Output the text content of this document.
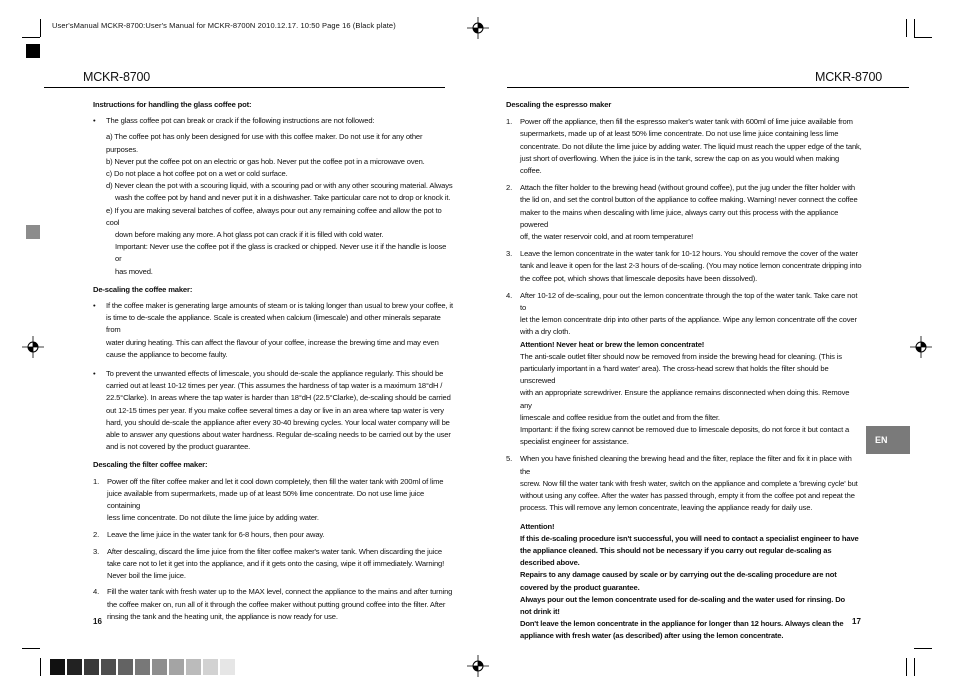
User'sManual MCKR-8700:User's Manual for MCKR-8700N 2010.12.17. 10:50 Page 16 (Black plate)
MCKR-8700	MCKR-8700

Instructions for handling the glass coffee pot:

• The glass coffee pot can break or crack if the following instructions are not followed:

a) The coffee pot has only been designed for use with this coffee maker. Do not use it for any other purposes.

b) Never put the coffee pot on an electric or gas hob. Never put the coffee pot in a microwave oven.

c) Do not place a hot coffee pot on a wet or cold surface.

d) Never clean the pot with a scouring liquid, with a scouring pad or with any other scouring material. Always

wash the coffee pot by hand and never put it in a dishwasher. Take particular care not to drop or knock it.

e) If you are making several batches of coffee, always pour out any remaining coffee and allow the pot to cool

down before making any more. A hot glass pot can crack if it is filled with cold water.

Important: Never use the coffee pot if the glass is cracked or chipped. Never use it if the handle is loose or

has moved.

De-scaling the coffee maker:

• If the coffee maker is generating large amounts of steam or is taking longer than usual to brew your coffee, it

is time to de-scale the appliance. Scale is created when calcium (limescale) and other minerals separate from

water during heating. This can affect the flavour of your coffee, increase the brewing time and may even

cause the appliance to become faulty.

• To prevent the unwanted effects of limescale, you should de-scale the appliance regularly. This should be

carried out at least 10-12 times per year. (This assumes the hardness of tap water is a maximum 18°dH /

22.5°Clarke). In areas where the tap water is harder than 18°dH (22.5°Clarke), de-scaling should be carried

out 12-15 times per year. If you make coffee several times a day or live in an area where tap water is very

hard, you should de-scale the appliance after every 30-40 brewing cycles. Your local water company will be

able to answer any questions about water hardness. Regular de-scaling needs to be carried out by the user

and is not covered by the product guarantee.

Descaling the filter coffee maker:

1. Power off the filter coffee maker and let it cool down completely, then fill the water tank with 200ml of lime

juice available from supermarkets, made up of at least 50% lime concentrate. Do not use lime juice containing

less lime concentrate. Do not dilute the lime juice by adding water.

2. Leave the lime juice in the water tank for 6-8 hours, then pour away.

3. After descaling, discard the lime juice from the filter coffee maker's water tank. When discarding the juice

take care not to let it get into the appliance, and if it gets onto the casing, wipe it off immediately. Warning!

Never boil the lime juice.

4. Fill the water tank with fresh water up to the MAX level, connect the appliance to the mains and after turning

the coffee maker on, run all of it through the coffee maker without putting ground coffee into the filter. After

rinsing the tank and the heating unit, the appliance is now ready for use.

Descaling the espresso maker

1. Power off the appliance, then fill the espresso maker's water tank with 600ml of lime juice available from

supermarkets, made up of at least 50% lime concentrate. Do not use lime juice containing less lime

concentrate. Do not dilute the lime juice by adding water. The liquid must reach the upper edge of the tank,

just short of overflowing. When the juice is in the tank, screw the cap on as you would when making coffee.

2. Attach the filter holder to the brewing head (without ground coffee), put the jug under the filter holder with

the lid on, and set the control button of the appliance to coffee making. Warning! never connect the coffee

maker to the mains when descaling with lime juice, always carry out this process with the appliance powered

off, the water reservoir cold, and at room temperature!

3. Leave the lemon concentrate in the water tank for 10-12 hours. You should remove the cover of the water

tank and leave it open for the last 2-3 hours of de-scaling. (You may notice lemon concentrate dripping into

the coffee pot, which shows that limescale deposits have been dissolved).

4. After 10-12 of de-scaling, pour out the lemon concentrate through the top of the water tank. Take care not to

let the lemon concentrate drip into other parts of the appliance. Wipe any lemon concentrate off the cover

with a dry cloth.

Attention! Never heat or brew the lemon concentrate!

The anti-scale outlet filter should now be removed from inside the brewing head for cleaning. (This is

particularly important in a 'hard water' area). The cross-head screw that holds the filter should be unscrewed

with an appropriate screwdriver. Ensure the appliance remains disconnected when doing this. Remove any

limescale and coffee residue from the outlet and from the filter.

Important: if the fixing screw cannot be removed due to limescale deposits, do not force it but contact a

specialist engineer for assistance.

5. When you have finished cleaning the brewing head and the filter, replace the filter and fix it in place with the

screw. Now fill the water tank with fresh water, switch on the appliance and complete a 'brewing cycle' but

without using any coffee. After the water has passed through, empty it from the coffee pot and repeat the

process. This will remove any lemon concentrate, leaving the appliance ready for daily use.

Attention!

If this de-scaling procedure isn't successful, you will need to contact a specialist engineer to have

the appliance cleaned. This should not be necessary if you carry out regular de-scaling as

described above.

Repairs to any damage caused by scale or by carrying out the de-scaling procedure are not

covered by the product guarantee.

Always pour out the lemon concentrate used for de-scaling and the water used for rinsing. Do

not drink it!

Don't leave the lemon concentrate in the appliance for longer than 12 hours. Always clean the

appliance with fresh water (as described) after using the lemon concentrate.

EN
16	17
